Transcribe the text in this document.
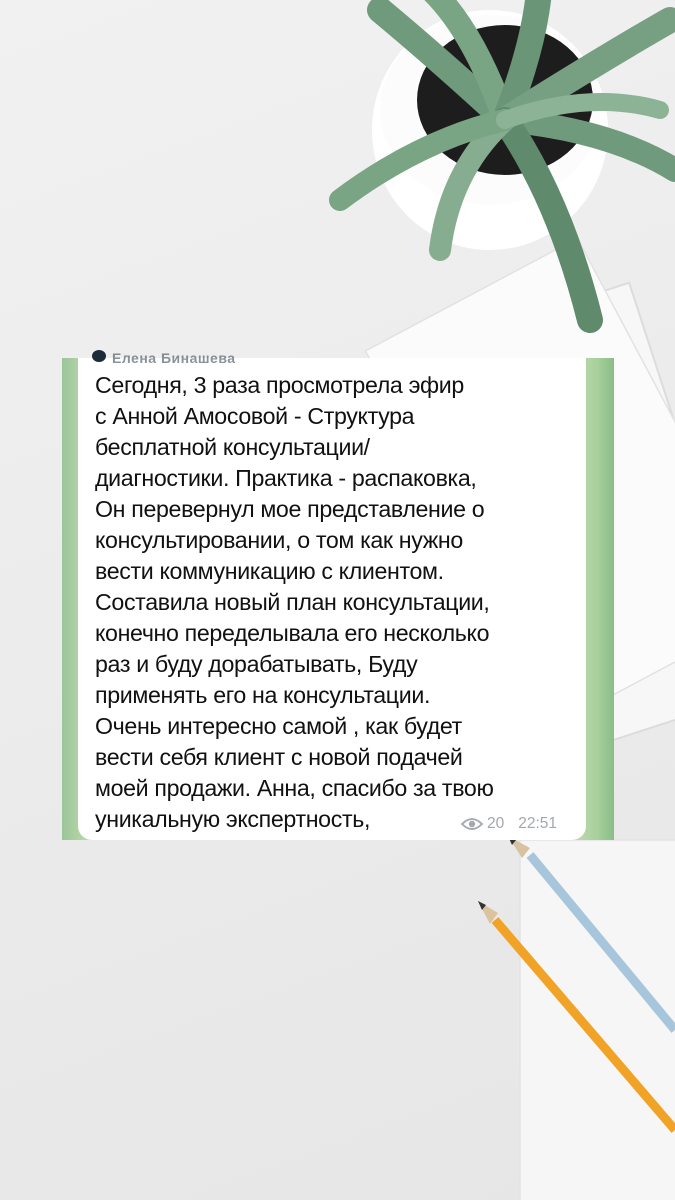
Елена Бинашева
Сегодня, 3 раза просмотрела эфир
с Анной Амосовой - Структура
бесплатной консультации/
диагностики. Практика - распаковка,
Он перевернул мое представление о
консультировании, о том как нужно
вести коммуникацию с клиентом.
Составила новый план консультации,
конечно переделывала его несколько
раз и буду дорабатывать, Буду
применять его на консультации.
Очень интересно самой , как будет
вести себя клиент с новой подачей
моей продажи. Анна, спасибо за твою
уникальную экспертность,	20 22:51
